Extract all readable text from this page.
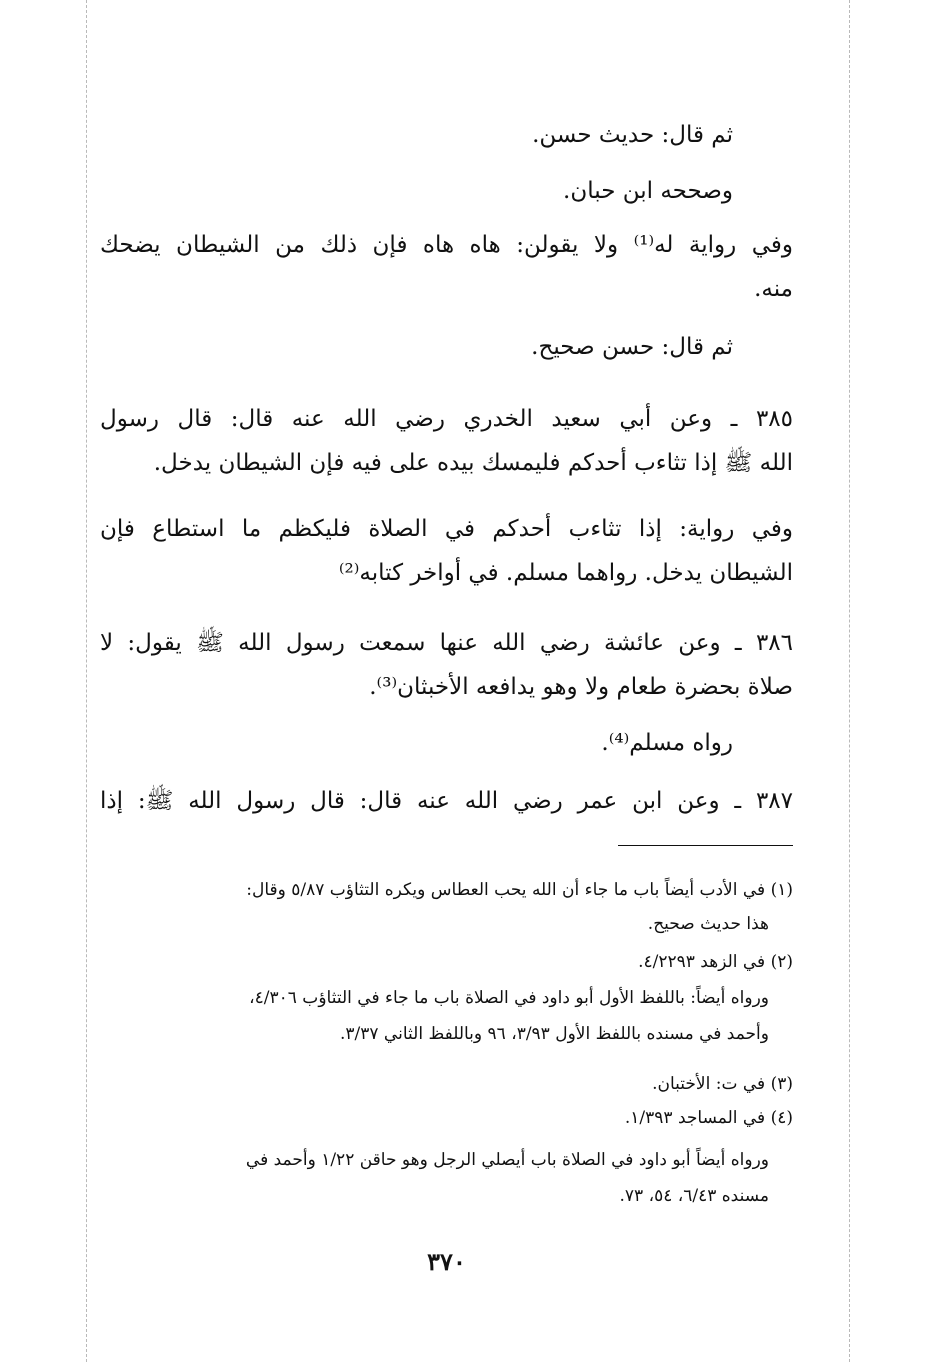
ثم قال: حديث حسن.
وصححه ابن حبان.
وفي رواية له⁽¹⁾ ولا يقولن: هاه هاه فإن ذلك من الشيطان يضحك
منه.
ثم قال: حسن صحيح.
٣٨٥ ـ وعن أبي سعيد الخدري رضي الله عنه قال: قال رسول
الله ﷺ إذا تثاءب أحدكم فليمسك بيده على فيه فإن الشيطان يدخل.
وفي رواية: إذا تثاءب أحدكم في الصلاة فليكظم ما استطاع فإن
الشيطان يدخل. رواهما مسلم. في أواخر كتابه⁽²⁾
٣٨٦ ـ وعن عائشة رضي الله عنها سمعت رسول الله ﷺ يقول: لا
صلاة بحضرة طعام ولا وهو يدافعه الأخبثان⁽³⁾.
رواه مسلم⁽⁴⁾.
٣٨٧ ـ وعن ابن عمر رضي الله عنه قال: قال رسول الله ﷺ: إذا
(١) في الأدب أيضاً باب ما جاء أن الله يحب العطاس ويكره التثاؤب ٥/٨٧ وقال:
هذا حديث صحيح.
(٢) في الزهد ٤/٢٢٩٣.
ورواه أيضاً: باللفظ الأول أبو داود في الصلاة باب ما جاء في التثاؤب ٤/٣٠٦،
وأحمد في مسنده باللفظ الأول ٣/٩٣، ٩٦ وباللفظ الثاني ٣/٣٧.
(٣) في ت: الأختبان.
(٤) في المساجد ١/٣٩٣.
ورواه أيضاً أبو داود في الصلاة باب أيصلي الرجل وهو حاقن ١/٢٢ وأحمد في
مسنده ٦/٤٣، ٥٤، ٧٣.
٣٧٠
